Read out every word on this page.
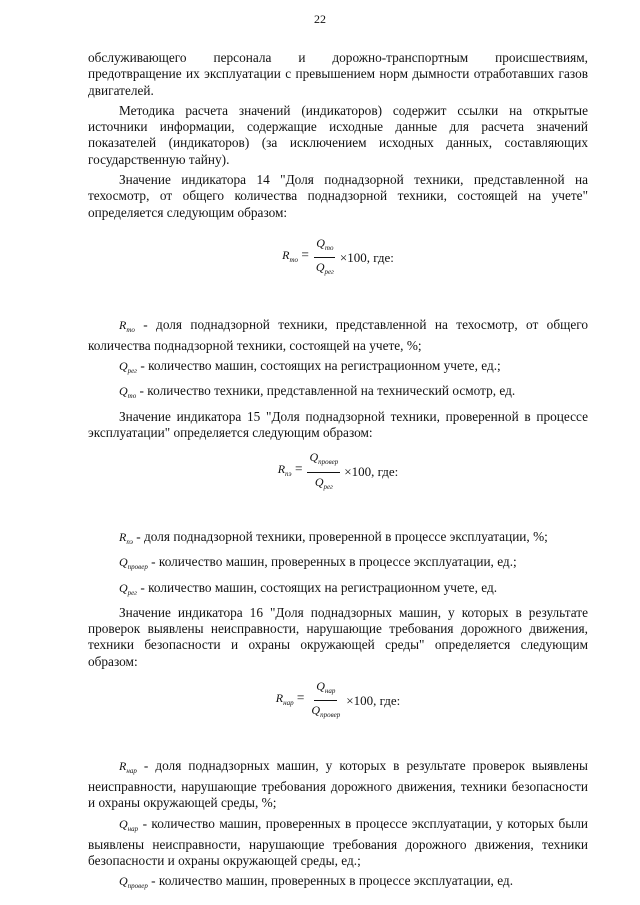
22

обслуживающего персонала и дорожно-транспортным происшествиям, предотвращение их эксплуатации с превышением норм дымности отработавших газов двигателей.

Методика расчета значений (индикаторов) содержит ссылки на открытые источники информации, содержащие исходные данные для расчета значений показателей (индикаторов) (за исключением исходных данных, составляющих государственную тайну).

Значение индикатора 14 "Доля поднадзорной техники, представленной на техосмотр, от общего количества поднадзорной техники, состоящей на учете" определяется следующим образом:

$R_{то} = \frac{Q_{то}}{Q_{рег}} \times 100$, где:

$R_{то}$ - доля поднадзорной техники, представленной на техосмотр, от общего количества поднадзорной техники, состоящей на учете, %;

$Q_{рег}$ - количество машин, состоящих на регистрационном учете, ед.;

$Q_{то}$ - количество техники, представленной на технический осмотр, ед.

Значение индикатора 15 "Доля поднадзорной техники, проверенной в процессе эксплуатации" определяется следующим образом:

$R_{пэ} = \frac{Q_{провер}}{Q_{рег}} \times 100$, где:

$R_{пэ}$ - доля поднадзорной техники, проверенной в процессе эксплуатации, %;

$Q_{провер}$ - количество машин, проверенных в процессе эксплуатации, ед.;

$Q_{рег}$ - количество машин, состоящих на регистрационном учете, ед.

Значение индикатора 16 "Доля поднадзорных машин, у которых в результате проверок выявлены неисправности, нарушающие требования дорожного движения, техники безопасности и охраны окружающей среды" определяется следующим образом:

$R_{нар} = \frac{Q_{нар}}{Q_{провер}} \times 100$, где:

$R_{нар}$ - доля поднадзорных машин, у которых в результате проверок выявлены неисправности, нарушающие требования дорожного движения, техники безопасности и охраны окружающей среды, %;

$Q_{нар}$ - количество машин, проверенных в процессе эксплуатации, у которых были выявлены неисправности, нарушающие требования дорожного движения, техники безопасности и охраны окружающей среды, ед.;

$Q_{провер}$ - количество машин, проверенных в процессе эксплуатации, ед.
